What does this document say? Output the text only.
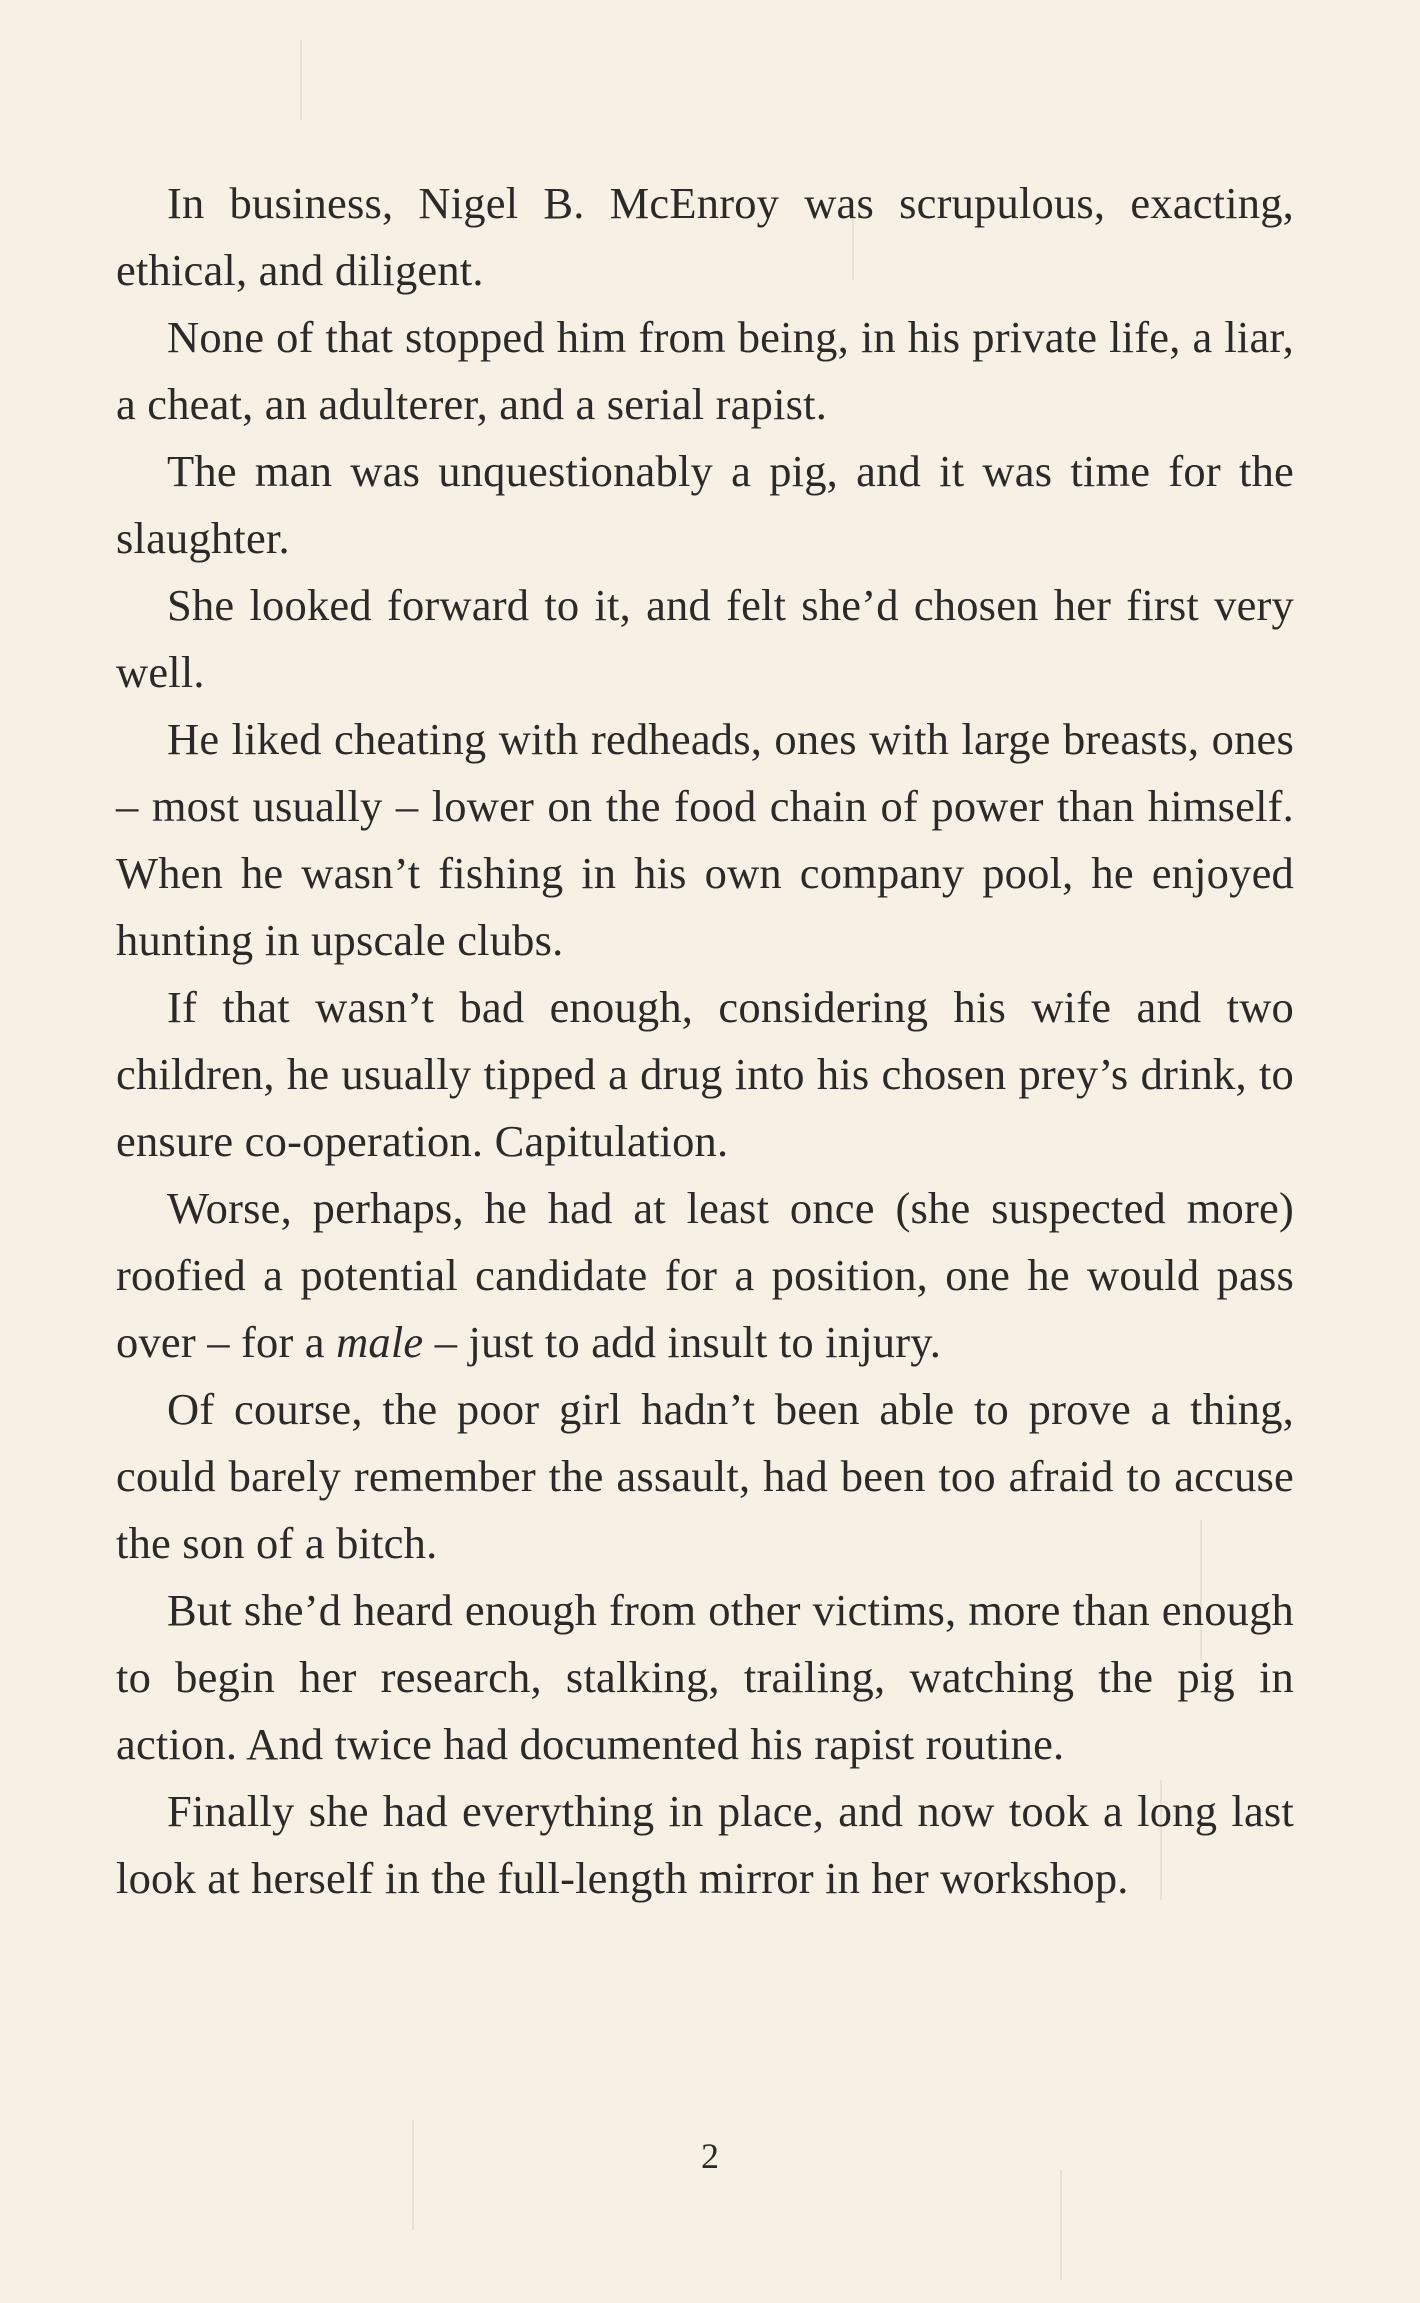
In business, Nigel B. McEnroy was scrupulous, exacting, ethical, and diligent.

None of that stopped him from being, in his private life, a liar, a cheat, an adulterer, and a serial rapist.

The man was unquestionably a pig, and it was time for the slaughter.

She looked forward to it, and felt she’d chosen her first very well.

He liked cheating with redheads, ones with large breasts, ones – most usually – lower on the food chain of power than himself. When he wasn’t fishing in his own company pool, he enjoyed hunting in upscale clubs.

If that wasn’t bad enough, considering his wife and two children, he usually tipped a drug into his chosen prey’s drink, to ensure co-operation. Capitulation.

Worse, perhaps, he had at least once (she suspected more) roofied a potential candidate for a position, one he would pass over – for a male – just to add insult to injury.

Of course, the poor girl hadn’t been able to prove a thing, could barely remember the assault, had been too afraid to accuse the son of a bitch.

But she’d heard enough from other victims, more than enough to begin her research, stalking, trailing, watching the pig in action. And twice had documented his rapist routine.

Finally she had everything in place, and now took a long last look at herself in the full-length mirror in her workshop.

2
